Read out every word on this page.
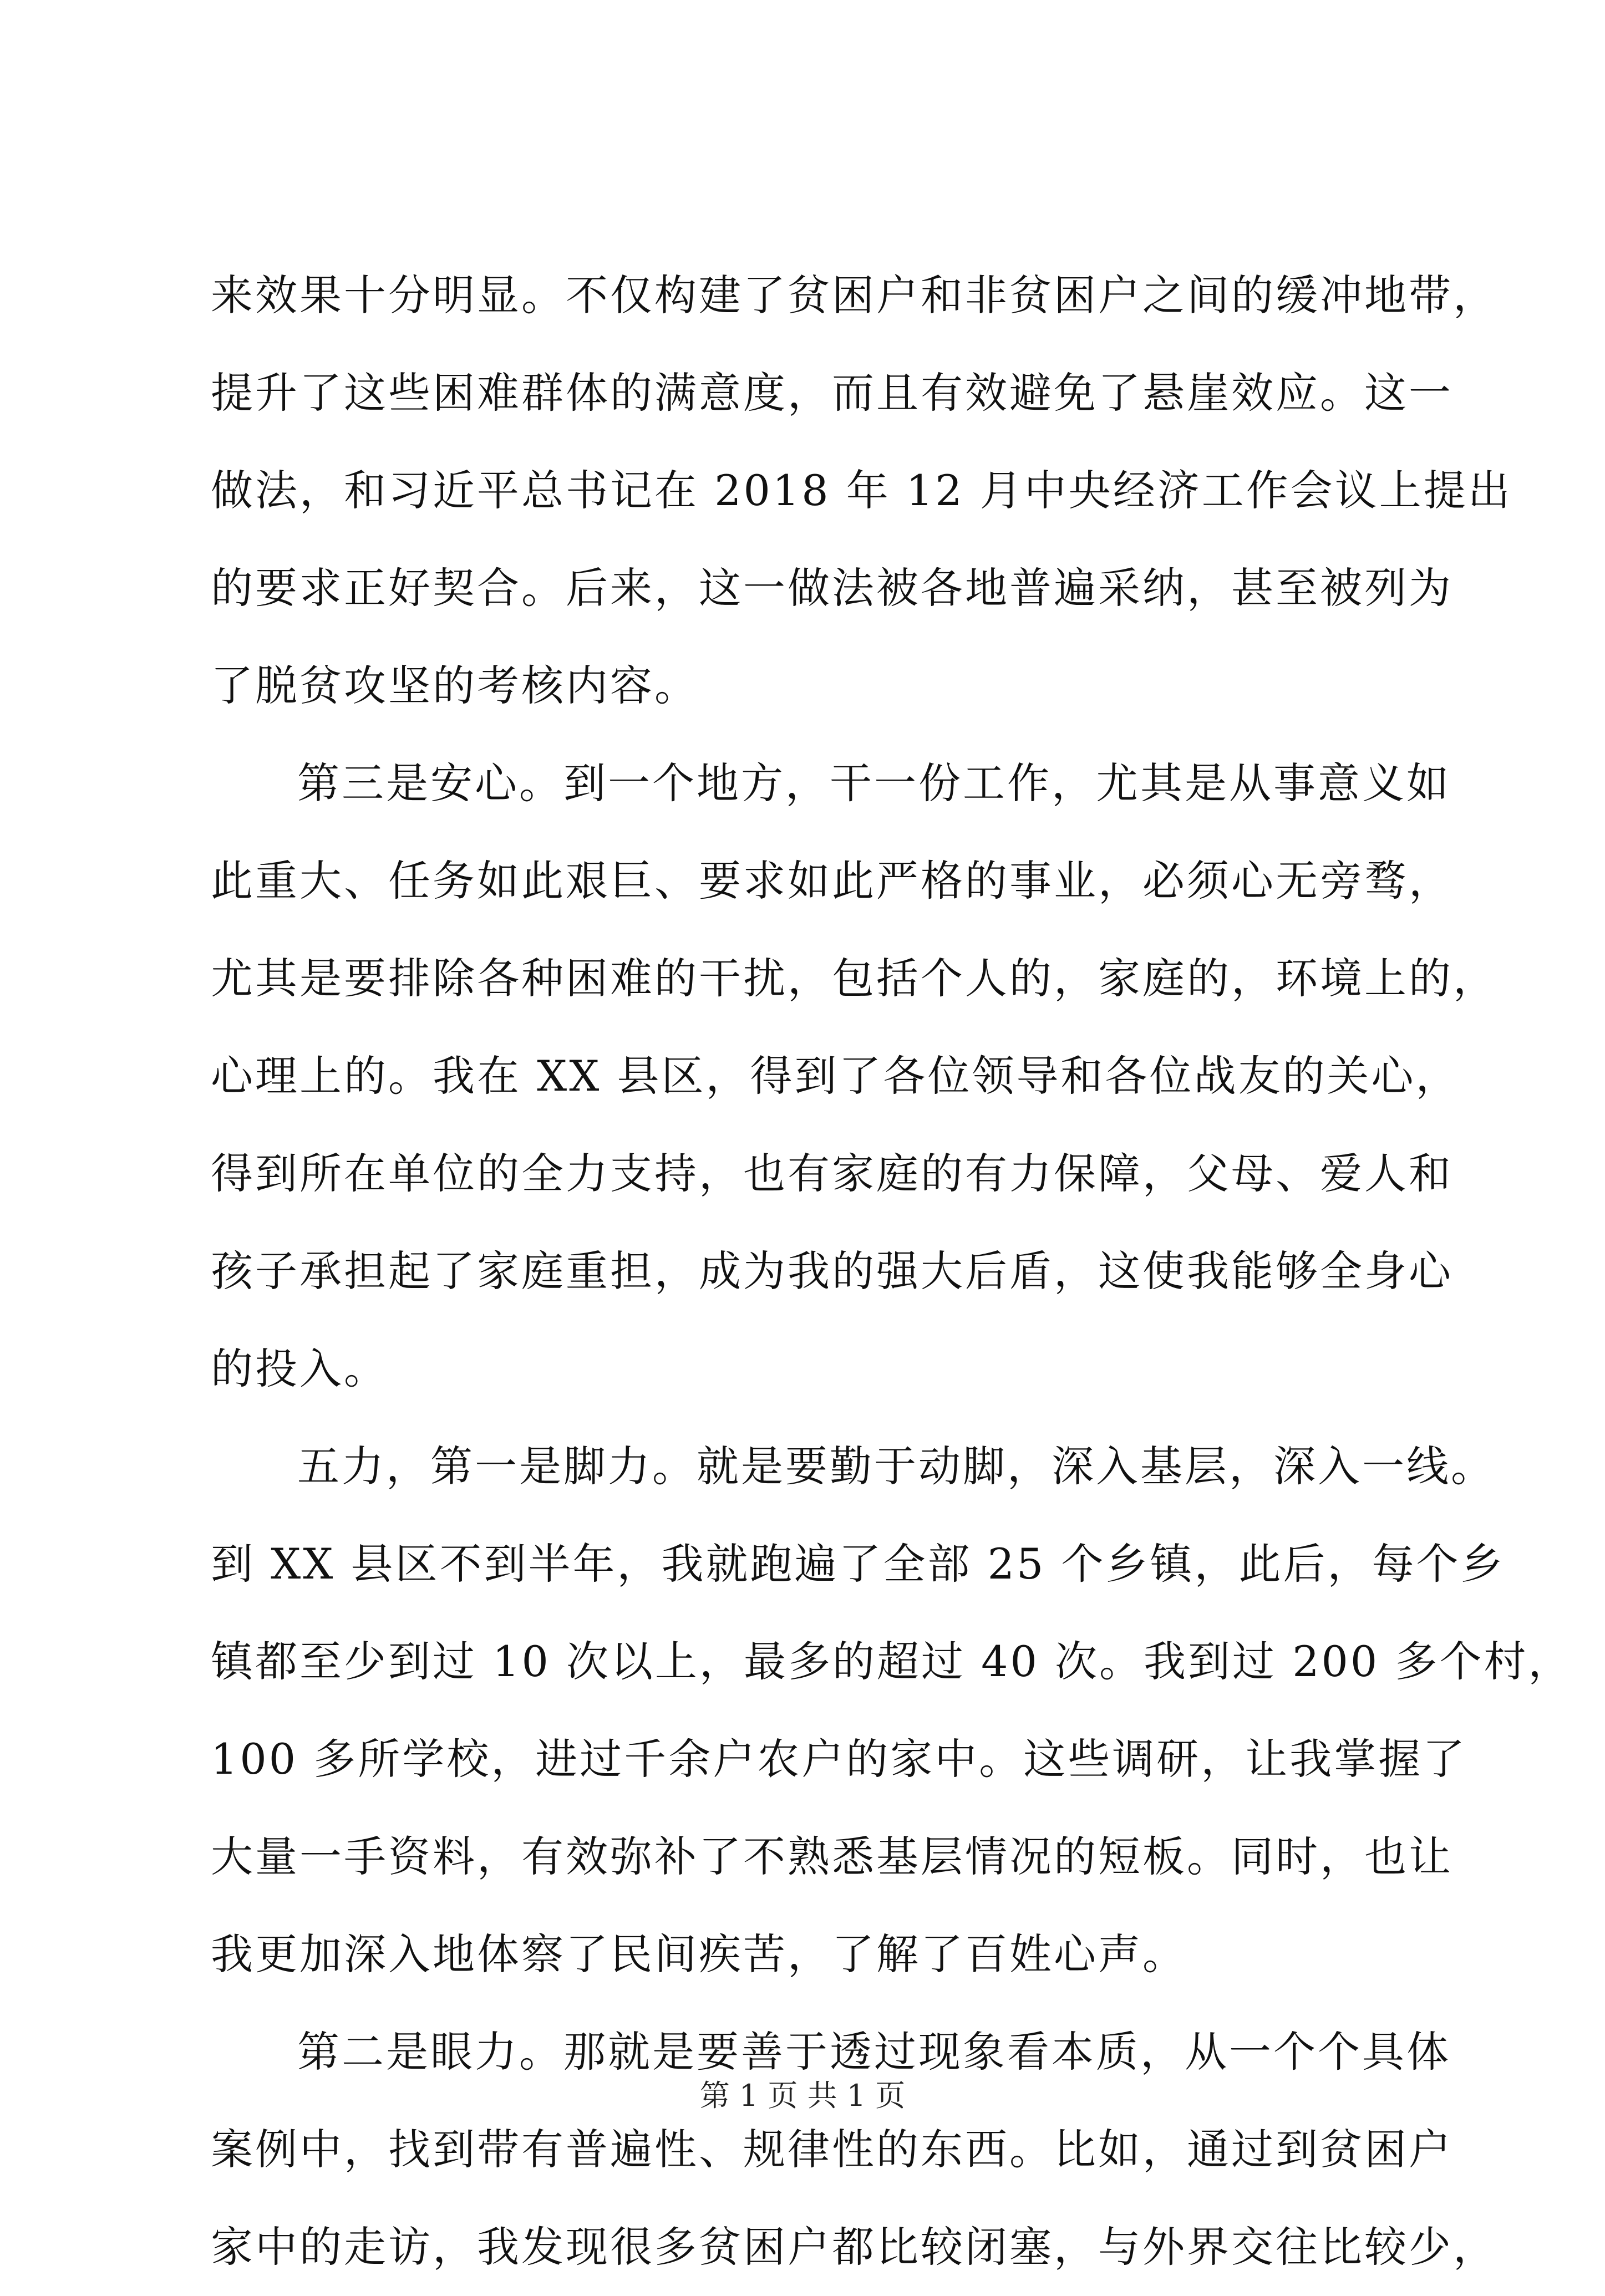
来效果十分明显。不仅构建了贫困户和非贫困户之间的缓冲地带，
提升了这些困难群体的满意度，而且有效避免了悬崖效应。这一
做法，和习近平总书记在 2018 年 12 月中央经济工作会议上提出
的要求正好契合。后来，这一做法被各地普遍采纳，甚至被列为
了脱贫攻坚的考核内容。
第三是安心。到一个地方，干一份工作，尤其是从事意义如
此重大、任务如此艰巨、要求如此严格的事业，必须心无旁骛，
尤其是要排除各种困难的干扰，包括个人的，家庭的，环境上的，
心理上的。我在 XX 县区，得到了各位领导和各位战友的关心，
得到所在单位的全力支持，也有家庭的有力保障，父母、爱人和
孩子承担起了家庭重担，成为我的强大后盾，这使我能够全身心
的投入。
五力，第一是脚力。就是要勤于动脚，深入基层，深入一线。
到 XX 县区不到半年，我就跑遍了全部 25 个乡镇，此后，每个乡
镇都至少到过 10 次以上，最多的超过 40 次。我到过 200 多个村，
100 多所学校，进过千余户农户的家中。这些调研，让我掌握了
大量一手资料，有效弥补了不熟悉基层情况的短板。同时，也让
我更加深入地体察了民间疾苦，了解了百姓心声。
第二是眼力。那就是要善于透过现象看本质，从一个个具体
案例中，找到带有普遍性、规律性的东西。比如，通过到贫困户
家中的走访，我发现很多贫困户都比较闭塞，与外界交往比较少，
第 1 页 共 1 页
